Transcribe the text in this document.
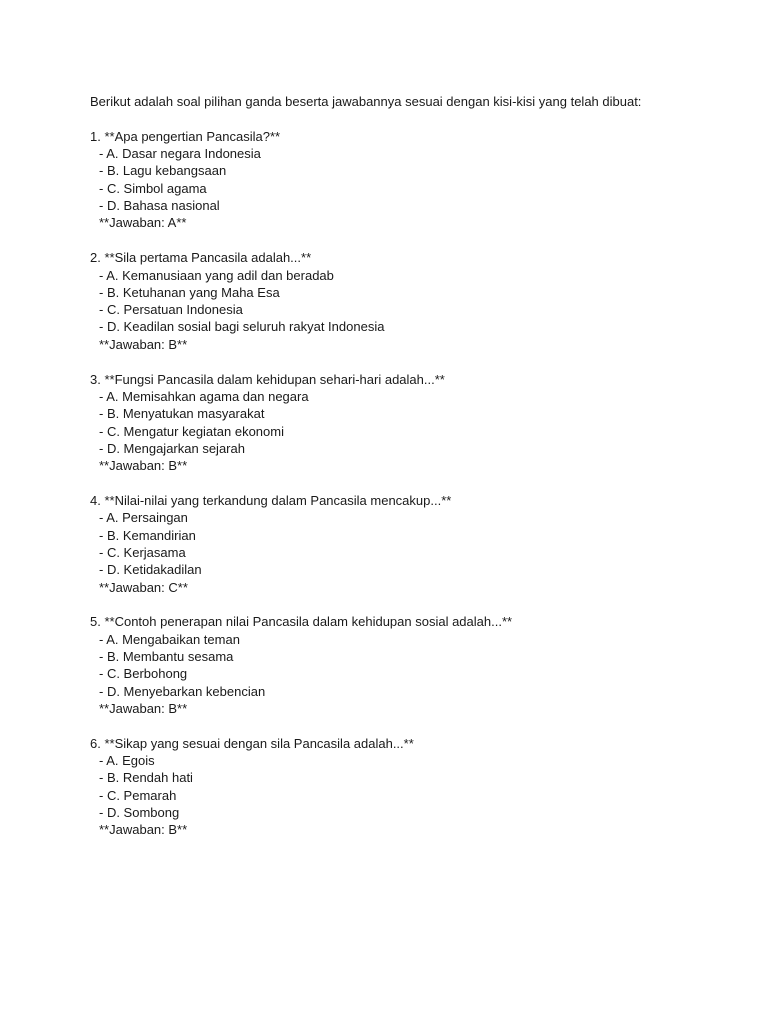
Berikut adalah soal pilihan ganda beserta jawabannya sesuai dengan kisi-kisi yang telah dibuat:
1. **Apa pengertian Pancasila?**
- A. Dasar negara Indonesia
- B. Lagu kebangsaan
- C. Simbol agama
- D. Bahasa nasional
**Jawaban: A**
2. **Sila pertama Pancasila adalah...**
- A. Kemanusiaan yang adil dan beradab
- B. Ketuhanan yang Maha Esa
- C. Persatuan Indonesia
- D. Keadilan sosial bagi seluruh rakyat Indonesia
**Jawaban: B**
3. **Fungsi Pancasila dalam kehidupan sehari-hari adalah...**
- A. Memisahkan agama dan negara
- B. Menyatukan masyarakat
- C. Mengatur kegiatan ekonomi
- D. Mengajarkan sejarah
**Jawaban: B**
4. **Nilai-nilai yang terkandung dalam Pancasila mencakup...**
- A. Persaingan
- B. Kemandirian
- C. Kerjasama
- D. Ketidakadilan
**Jawaban: C**
5. **Contoh penerapan nilai Pancasila dalam kehidupan sosial adalah...**
- A. Mengabaikan teman
- B. Membantu sesama
- C. Berbohong
- D. Menyebarkan kebencian
**Jawaban: B**
6. **Sikap yang sesuai dengan sila Pancasila adalah...**
- A. Egois
- B. Rendah hati
- C. Pemarah
- D. Sombong
**Jawaban: B**
